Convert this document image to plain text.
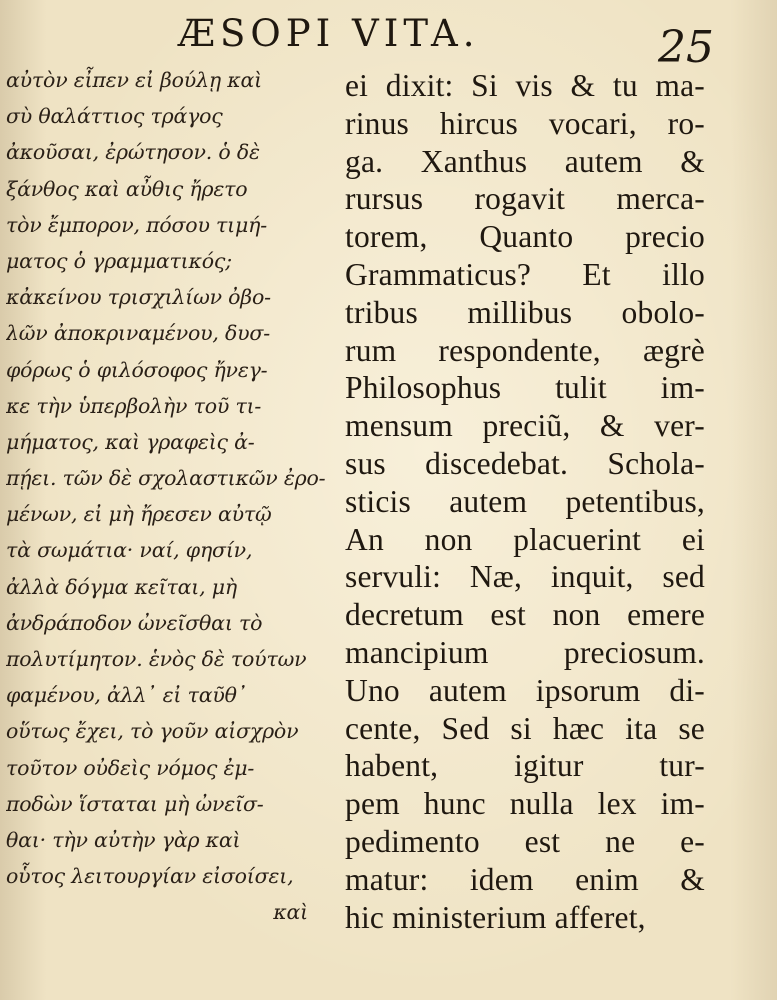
ÆSOPI VITA.	25
αὐτὸν εἶπεν εἰ βούλῃ καὶ
σὺ θαλάττιος τράγος
ἀκοῦσαι, ἐρώτησον. ὁ δὲ
ξάνθος καὶ αὖθις ἤρετο
τὸν ἔμπορον, πόσου τιμή-
ματος ὁ γραμματικός;
κἀκείνου τρισχιλίων ὀβο-
λῶν ἀποκριναμένου, δυσ-
φόρως ὁ φιλόσοφος ἤνεγ-
κε τὴν ὑπερβολὴν τοῦ τι-
μήματος, καὶ γραφεὶς ἀ-
πῄει. τῶν δὲ σχολαστικῶν ἐρο-
μένων, εἰ μὴ ἤρεσεν αὐτῷ
τὰ σωμάτια· ναί, φησίν,
ἀλλὰ δόγμα κεῖται, μὴ
ἀνδράποδον ὠνεῖσθαι τὸ
πολυτίμητον. ἑνὸς δὲ τούτων
φαμένου, ἀλλ᾽ εἰ ταῦθ᾽
οὕτως ἔχει, τὸ γοῦν αἰσχρὸν
τοῦτον οὐδεὶς νόμος ἐμ-
ποδὼν ἵσταται μὴ ὠνεῖσ-
θαι· τὴν αὐτὴν γὰρ καὶ
οὗτος λειτουργίαν εἰσοίσει,
καὶ
ei dixit: Si vis & tu ma-
rinus hircus vocari, ro-
ga. Xanthus autem &
rursus rogavit merca-
torem, Quanto precio
Grammaticus? Et illo
tribus millibus obolo-
rum respondente, ægrè
Philosophus tulit im-
mensum preciũ, & ver-
sus discedebat. Schola-
sticis autem petentibus,
An non placuerint ei
servuli: Næ, inquit, sed
decretum est non emere
mancipium preciosum.
Uno autem ipsorum di-
cente, Sed si hæc ita se
habent, igitur tur-
pem hunc nulla lex im-
pedimento est ne e-
matur: idem enim &
hic ministerium afferet,
